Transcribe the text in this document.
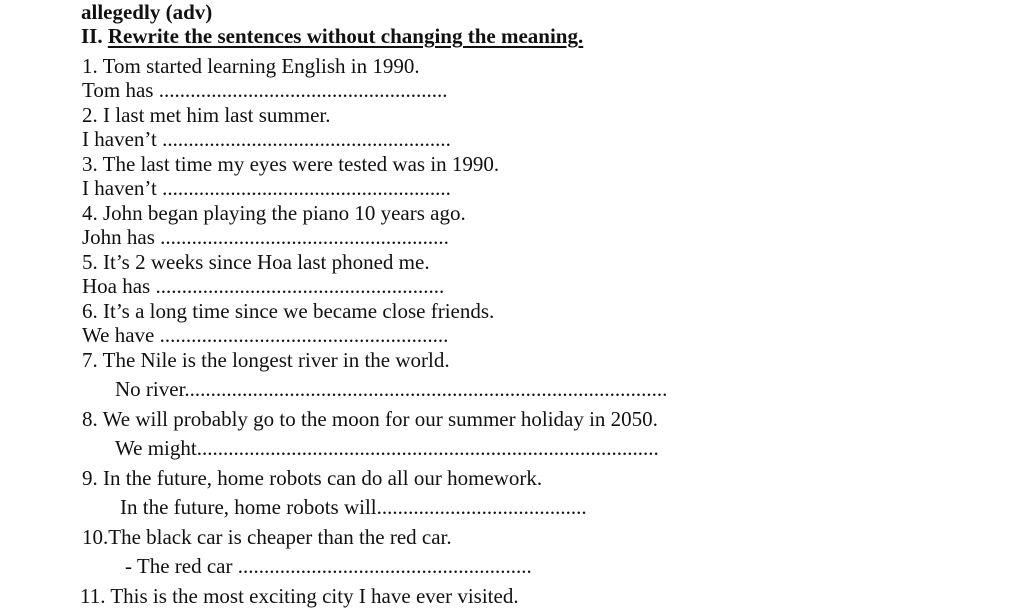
allegedly (adv)
II. Rewrite the sentences without changing the meaning.
1. Tom started learning English in 1990.
Tom has .......................................................
2. I last met him last summer.
I haven’t .......................................................
3. The last time my eyes were tested was in 1990.
I haven’t .......................................................
4. John began playing the piano 10 years ago.
John has .......................................................
5. It’s 2 weeks since Hoa last phoned me.
Hoa has .......................................................
6. It’s a long time since we became close friends.
We have .......................................................
7. The Nile is the longest river in the world.
No river............................................................................................
8. We will probably go to the moon for our summer holiday in 2050.
We might........................................................................................
9. In the future, home robots can do all our homework.
In the future, home robots will........................................
10.The black car is cheaper than the red car.
- The red car ........................................................
11. This is the most exciting city I have ever visited.
